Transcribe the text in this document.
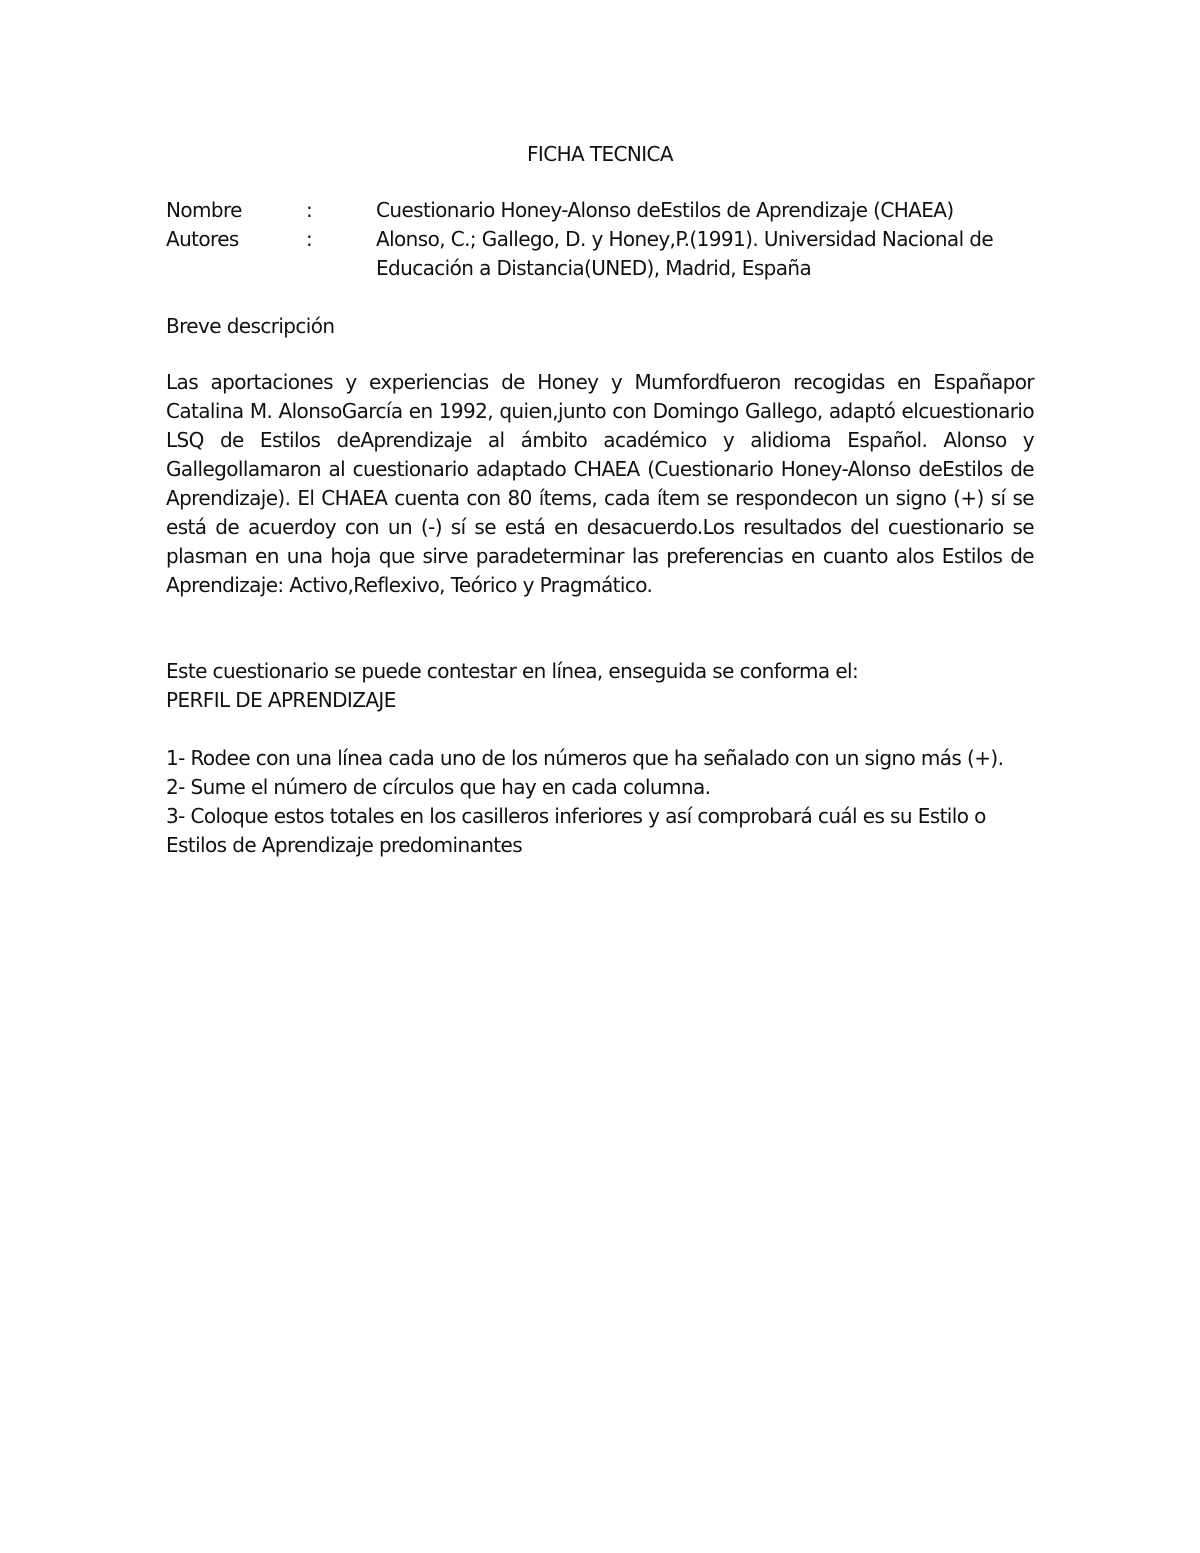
FICHA TECNICA
Nombre	:	Cuestionario Honey-Alonso deEstilos de Aprendizaje (CHAEA)
Autores	:	Alonso, C.; Gallego, D. y Honey,P.(1991). Universidad Nacional de Educación a Distancia(UNED), Madrid, España
Breve descripción

Las aportaciones y experiencias de Honey y Mumfordfueron recogidas en Españapor Catalina M. AlonsoGarcía en 1992, quien,junto con Domingo Gallego, adaptó elcuestionario LSQ de Estilos deAprendizaje al ámbito académico y alidioma Español. Alonso y Gallegollamaron al cuestionario adaptado CHAEA (Cuestionario Honey-Alonso deEstilos de Aprendizaje). El CHAEA cuenta con 80 ítems, cada ítem se respondecon un signo (+) sí se está de acuerdoy con un (-) sí se está en desacuerdo.Los resultados del cuestionario se plasman en una hoja que sirve paradeterminar las preferencias en cuanto alos Estilos de Aprendizaje: Activo,Reflexivo, Teórico y Pragmático.

Este cuestionario se puede contestar en línea, enseguida se conforma el:
PERFIL DE APRENDIZAJE

1- Rodee con una línea cada uno de los números que ha señalado con un signo más (+).

2- Sume el número de círculos que hay en cada columna.

3- Coloque estos totales en los casilleros inferiores y así comprobará cuál es su Estilo o Estilos de Aprendizaje predominantes
